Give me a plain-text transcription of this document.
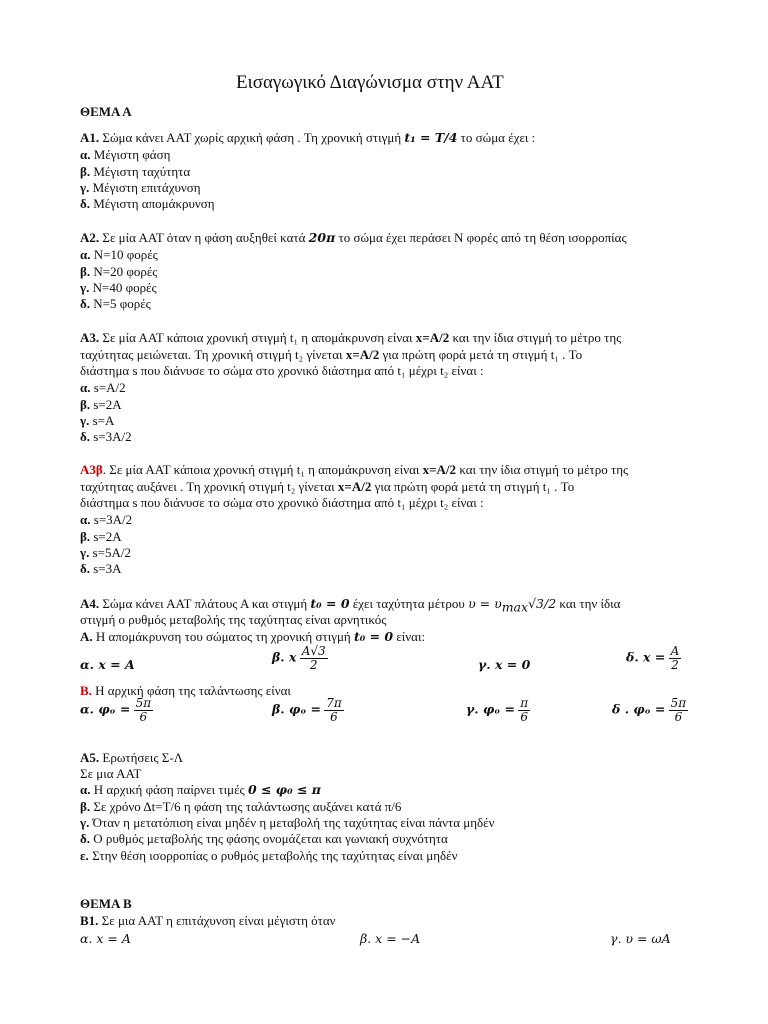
Εισαγωγικό Διαγώνισμα στην ΑΑΤ
ΘΕΜΑ Α
Α1. Σώμα κάνει ΑΑΤ χωρίς αρχική φάση . Τη χρονική στιγμή t₁ = T/4 το σώμα έχει :
α. Μέγιστη φάση
β. Μέγιστη ταχύτητα
γ. Μέγιστη επιτάχυνση
δ. Μέγιστη απομάκρυνση
Α2. Σε μία ΑΑΤ όταν η φάση αυξηθεί κατά 20π το σώμα έχει περάσει Ν φορές από τη θέση ισορροπίας
α. Ν=10 φορές
β. Ν=20 φορές
γ. Ν=40 φορές
δ. Ν=5 φορές
Α3. Σε μία ΑΑΤ κάποια χρονική στιγμή t₁ η απομάκρυνση είναι x=A/2 και την ίδια στιγμή το μέτρο της
ταχύτητας μειώνεται. Τη χρονική στιγμή t₂ γίνεται x=A/2 για πρώτη φορά μετά τη στιγμή t₁ . Το
διάστημα s που διάνυσε το σώμα στο χρονικό διάστημα από t₁ μέχρι t₂ είναι :
α. s=A/2
β. s=2A
γ. s=A
δ. s=3A/2
Α3β. Σε μία ΑΑΤ κάποια χρονική στιγμή t₁ η απομάκρυνση είναι x=A/2 και την ίδια στιγμή το μέτρο της
ταχύτητας αυξάνει . Τη χρονική στιγμή t₂ γίνεται x=A/2 για πρώτη φορά μετά τη στιγμή t₁ . Το
διάστημα s που διάνυσε το σώμα στο χρονικό διάστημα από t₁ μέχρι t₂ είναι :
α. s=3A/2
β. s=2A
γ. s=5A/2
δ. s=3A
Α4. Σώμα κάνει ΑΑΤ πλάτους Α και στιγμή t₀ = 0 έχει ταχύτητα μέτρου $\upsilon = \upsilon_{max}√3/2$ και την ίδια
στιγμή ο ρυθμός μεταβολής της ταχύτητας είναι αρνητικός
Α. Η απομάκρυνση του σώματος τη χρονική στιγμή t₀ = 0 είναι:
α. x = A
β. x $\frac{A√3}{2}$	γ. x = 0
δ. $x = \frac{A}{2}$
Β. Η αρχική φάση της ταλάντωσης είναι
α. $\varphi_o = \frac{5\pi}{6}$	β. $\varphi_o = \frac{7\pi}{6}$	γ. $\varphi_o = \frac{\pi}{6}$	δ . $\varphi_o = \frac{5\pi}{6}$
Α5. Ερωτήσεις Σ-Λ
Σε μια ΑΑΤ
α. Η αρχική φάση παίρνει τιμές 0 ≤ φ₀ ≤ π
β. Σε χρόνο Δt=T/6 η φάση της ταλάντωσης αυξάνει κατά π/6
γ. Όταν η μετατόπιση είναι μηδέν η μεταβολή της ταχύτητας είναι πάντα μηδέν
δ. Ο ρυθμός μεταβολής της φάσης ονομάζεται και γωνιακή συχνότητα
ε. Στην θέση ισορροπίας ο ρυθμός μεταβολής της ταχύτητας είναι μηδέν
ΘΕΜΑ Β
Β1. Σε μια ΑΑΤ η επιτάχυνση είναι μέγιστη όταν
α. x = A	β. x = −A	γ. υ = ωA
